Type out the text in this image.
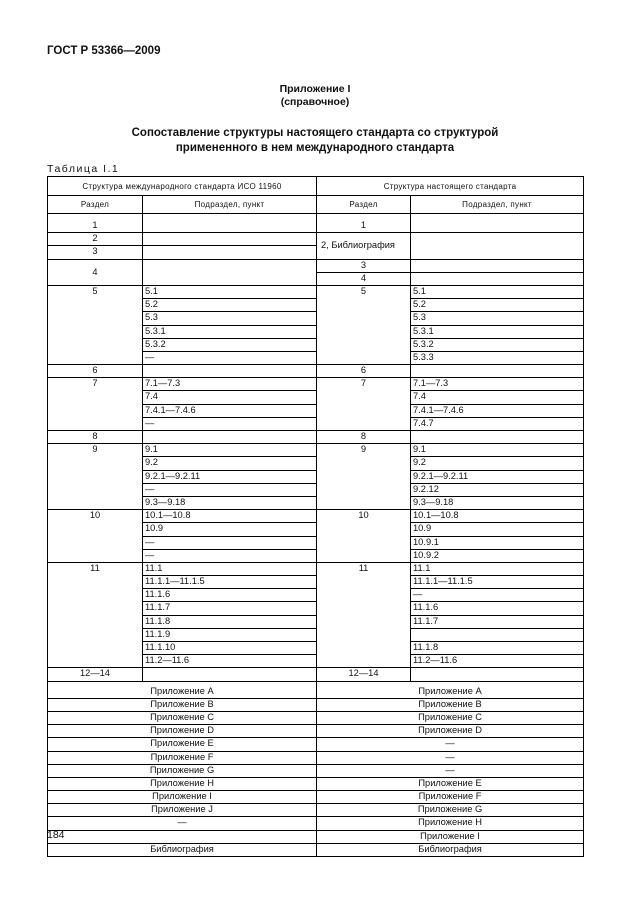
ГОСТ Р 53366—2009
Приложение I
(справочное)
Сопоставление структуры настоящего стандарта со структурой
примененного в нем международного стандарта
Таблица I.1
Структура международного стандарта ИСО 11960		Структура настоящего стандарта	
Раздел	Подраздел, пункт	Раздел	Подраздел, пункт

1		1	
2		2, Библиография	
3			
4		3	
		4	
5	5.1	5	5.1
	5.2		5.2
	5.3		5.3
	5.3.1		5.3.1
	5.3.2		5.3.2
	—		5.3.3
6		6	
7	7.1—7.3	7	7.1—7.3
	7.4		7.4
	7.4.1—7.4.6		7.4.1—7.4.6
	—		7.4.7
8		8	
9	9.1	9	9.1
	9.2		9.2
	9.2.1—9.2.11		9.2.1—9.2.11
	—		9.2.12
	9.3—9.18		9.3—9.18
10	10.1—10.8	10	10.1—10.8
	10.9		10.9
	—		10.9.1
	—		10.9.2
11	11.1	11	11.1
	11.1.1—11.1.5		11.1.1—11.1.5
	11.1.6		—
	11.1.7		11.1.6
	11.1.8		11.1.7
	11.1.9		
	11.1.10		11.1.8
	11.2—11.6		11.2—11.6
12—14		12—14	

Приложение A		Приложение A	
Приложение B		Приложение B	
Приложение C		Приложение C	
Приложение D		Приложение D	
Приложение E		—	
Приложение F		—	
Приложение G		—	
Приложение H		Приложение E	
Приложение I		Приложение F	
Приложение J		Приложение G	
—		Приложение H	
		Приложение I	
Библиография		Библиография	
184
